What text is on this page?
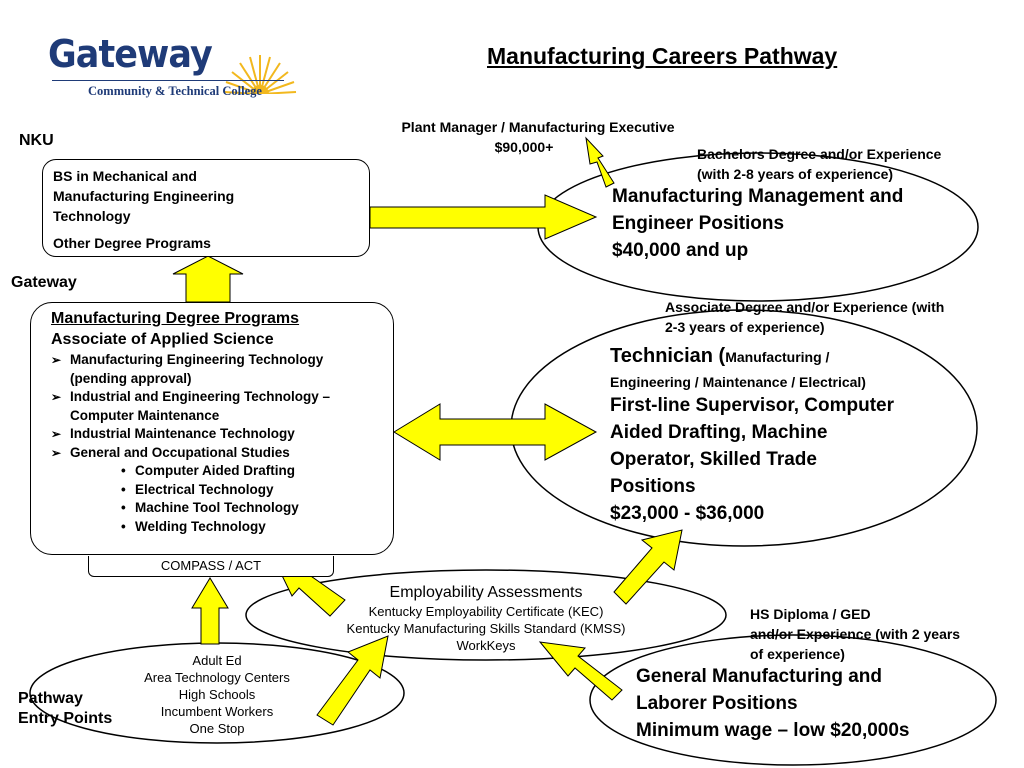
Gateway
Community & Technical College
Manufacturing Careers Pathway
NKU
Gateway
Pathway
Entry Points
BS in Mechanical and
Manufacturing Engineering
Technology
Other Degree Programs
Manufacturing Degree Programs
Associate of Applied Science
➢ Manufacturing Engineering Technology
(pending approval)
➢ Industrial and Engineering Technology –
Computer Maintenance
➢ Industrial Maintenance Technology
➢ General and Occupational Studies
• Computer Aided Drafting
• Electrical Technology
• Machine Tool Technology
• Welding Technology
COMPASS / ACT
Plant Manager / Manufacturing Executive
$90,000+	Bachelors Degree and/or Experience
(with 2-8 years of experience)
Manufacturing Management and
Engineer Positions
$40,000 and up
Associate Degree and/or Experience (with
2-3 years of experience)
Technician (Manufacturing /
Engineering / Maintenance / Electrical)
First-line Supervisor, Computer
Aided Drafting, Machine
Operator, Skilled Trade
Positions
$23,000 - $36,000
Employability Assessments
Kentucky Employability Certificate (KEC)
Kentucky Manufacturing Skills Standard (KMSS)
WorkKeys
Adult Ed
Area Technology Centers
High Schools
Incumbent Workers
One Stop
HS Diploma / GED
and/or Experience (with 2 years
of experience)
General Manufacturing and
Laborer Positions
Minimum wage – low $20,000s
